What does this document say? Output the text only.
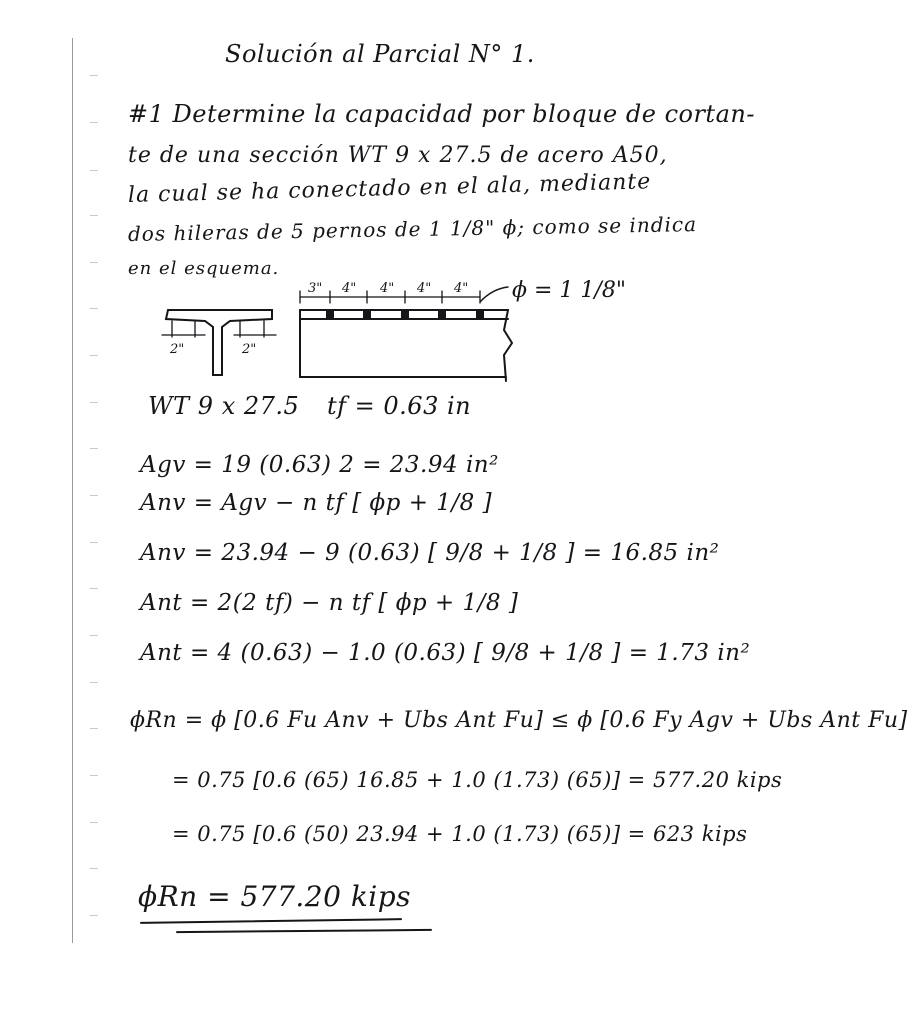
Solución al Parcial N° 1.
#1 Determine la capacidad por bloque de cortan-
te de una sección WT 9 x 27.5 de acero A50,
la cual se ha conectado en el ala, mediante
dos hileras de 5 pernos de 1 1/8" ϕ; como se indica
en el esquema.
2"	2"
3" 4" 4" 4" 4" ϕ = 1 1/8"
WT 9 x 27.5 tf = 0.63 in
Agv = 19 (0.63) 2 = 23.94 in²
Anv = Agv − n tf [ ϕp + 1/8 ]
Anv = 23.94 − 9 (0.63) [ 9/8 + 1/8 ] = 16.85 in²
Ant = 2(2 tf) − n tf [ ϕp + 1/8 ]
Ant = 4 (0.63) − 1.0 (0.63) [ 9/8 + 1/8 ] = 1.73 in²
ϕRn = ϕ [0.6 Fu Anv + Ubs Ant Fu] ≤ ϕ [0.6 Fy Agv + Ubs Ant Fu]
= 0.75 [0.6 (65) 16.85 + 1.0 (1.73) (65)] = 577.20 kips
= 0.75 [0.6 (50) 23.94 + 1.0 (1.73) (65)] = 623 kips
ϕRn = 577.20 kips
